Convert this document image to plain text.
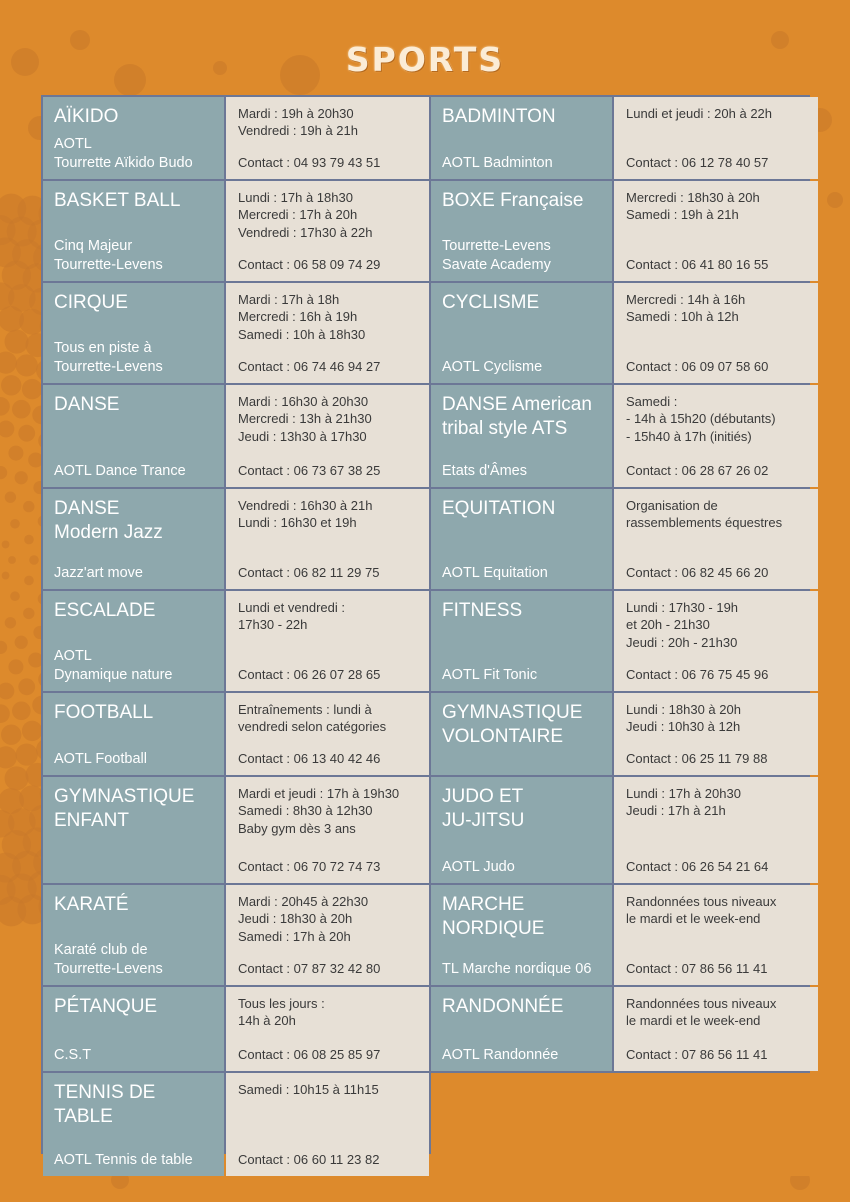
SPORTS
AÏKIDO
AOTL
Tourrette Aïkido Budo
Mardi : 19h à 20h30
Vendredi : 19h à 21h
Contact : 04 93 79 43 51
BADMINTON
AOTL Badminton
Lundi et jeudi : 20h à 22h
Contact : 06 12 78 40 57
BASKET BALL
Cinq Majeur
Tourrette-Levens
Lundi : 17h à 18h30
Mercredi : 17h à 20h
Vendredi : 17h30 à 22h
Contact : 06 58 09 74 29
BOXE Française
Tourrette-Levens
Savate Academy
Mercredi : 18h30 à 20h
Samedi : 19h à 21h
Contact : 06 41 80 16 55
CIRQUE
Tous en piste à
Tourrette-Levens
Mardi : 17h à 18h
Mercredi : 16h à 19h
Samedi : 10h à 18h30
Contact : 06 74 46 94 27
CYCLISME
AOTL Cyclisme
Mercredi : 14h à 16h
Samedi : 10h à 12h
Contact : 06 09 07 58 60
DANSE
AOTL Dance Trance
Mardi : 16h30 à 20h30
Mercredi : 13h à 21h30
Jeudi : 13h30 à 17h30
Contact : 06 73 67 38 25
DANSE American
tribal style ATS
Etats d'Âmes
Samedi :
- 14h à 15h20 (débutants)
- 15h40 à 17h (initiés)
Contact : 06 28 67 26 02
DANSE
Modern Jazz
Jazz'art move
Vendredi : 16h30 à 21h
Lundi : 16h30 et 19h
Contact : 06 82 11 29 75
EQUITATION
AOTL Equitation
Organisation de
rassemblements équestres
Contact : 06 82 45 66 20
ESCALADE
AOTL
Dynamique nature
Lundi et vendredi :
17h30 - 22h
Contact : 06 26 07 28 65
FITNESS
AOTL Fit Tonic
Lundi : 17h30 - 19h
et 20h - 21h30
Jeudi : 20h - 21h30
Contact : 06 76 75 45 96
FOOTBALL
AOTL Football
Entraînements : lundi à
vendredi selon catégories
Contact : 06 13 40 42 46
GYMNASTIQUE
VOLONTAIRE
Lundi : 18h30 à 20h
Jeudi : 10h30 à 12h
Contact : 06 25 11 79 88
GYMNASTIQUE
ENFANT
Mardi et jeudi : 17h à 19h30
Samedi : 8h30 à 12h30
Baby gym dès 3 ans
Contact : 06 70 72 74 73
JUDO ET
JU-JITSU
AOTL Judo
Lundi : 17h à 20h30
Jeudi : 17h à 21h
Contact : 06 26 54 21 64
KARATÉ
Karaté club de
Tourrette-Levens
Mardi : 20h45 à 22h30
Jeudi : 18h30 à 20h
Samedi : 17h à 20h
Contact : 07 87 32 42 80
MARCHE
NORDIQUE
TL Marche nordique 06
Randonnées tous niveaux
le mardi et le week-end
Contact : 07 86 56 11 41
PÉTANQUE
C.S.T
Tous les jours :
14h à 20h
Contact : 06 08 25 85 97
RANDONNÉE
AOTL Randonnée
Randonnées tous niveaux
le mardi et le week-end
Contact : 07 86 56 11 41
TENNIS DE
TABLE
AOTL Tennis de table
Samedi : 10h15 à 11h15
Contact : 06 60 11 23 82
